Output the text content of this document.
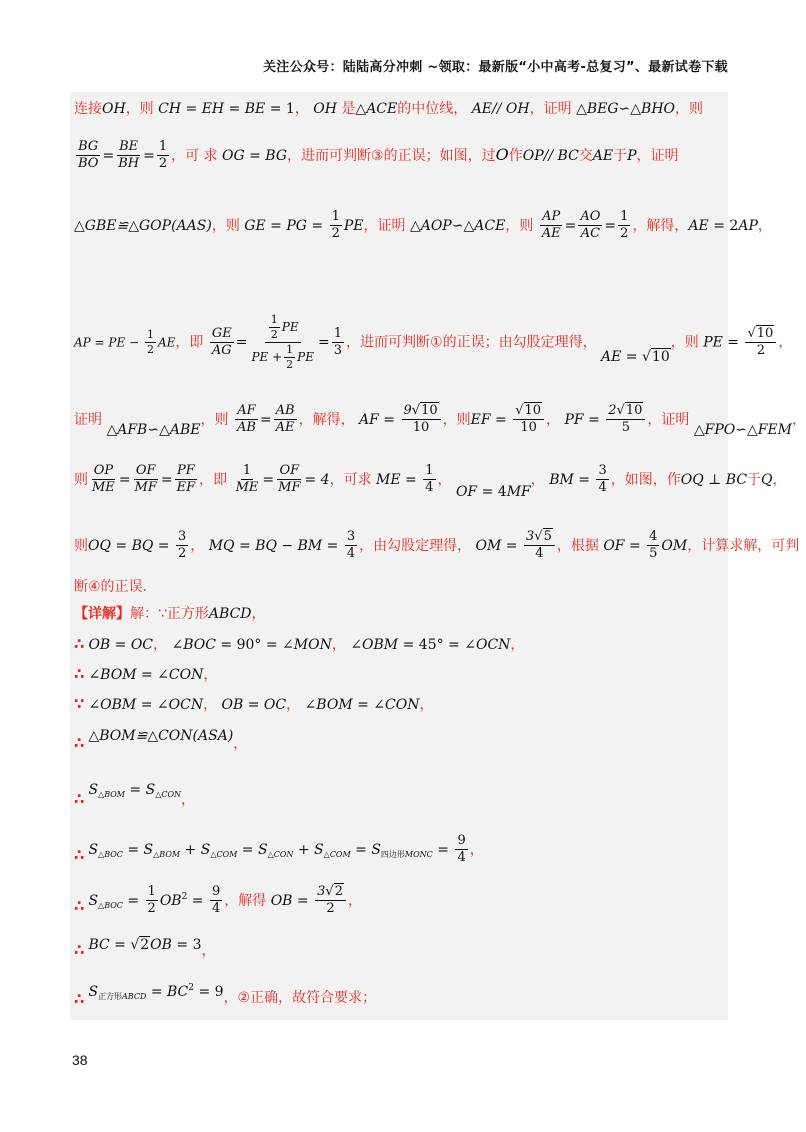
关注公众号：陆陆高分冲刺 ~领取：最新版“小中高考-总复习”、最新试卷下载
连接OH，则 CH = EH = BE = 1， OH 是△ACE的中位线， AE// OH，证明 △BEG∽△BHO，则
$\frac{BG}{BO} = \frac{BE}{BH} = \frac{1}{2}$ ，可 求 OG = BG，进而可判断③的正误；如图，过O作OP// BC交AE于P，证明
△GBE≌△GOP(AAS)，则 GE = PG = $\frac{1}{2}$ PE，证明 △AOP∽△ACE，则 $\frac{AP}{AE} = \frac{AO}{AC} = \frac{1}{2}$ ，解得，AE = 2AP，
AP = PE − $\frac{1}{2}$ AE，即 $\frac{GE}{AG} = \frac{\frac{1}{2} PE}{PE + \frac{1}{2} PE} = \frac{1}{3}$ ，进而可判断①的正误；由勾股定理得， AE = √10，则 PE = $\frac{√10}{2}$ ，
证明 △AFB∽△ABE，则 $\frac{AF}{AB} = \frac{AB}{AE}$ ，解得， AF = $\frac{9√10}{10}$ ，则EF = $\frac{√10}{10}$ ， PF = $\frac{2√10}{5}$ ，证明 △FPO∽△FEM，
则 $\frac{OP}{ME} = \frac{OF}{MF} = \frac{PF}{EF}$ ，即 $\frac{1}{ME} = \frac{OF}{MF} = 4$，可求 ME = $\frac{1}{4}$ ， OF = 4MF， BM = $\frac{3}{4}$ ，如图，作OQ ⊥ BC于Q，
则OQ = BQ = $\frac{3}{2}$ ， MQ = BQ − BM = $\frac{3}{4}$ ，由勾股定理得， OM = $\frac{3√5}{4}$ ，根据 OF = $\frac{4}{5}$ OM，计算求解，可判
断④的正误．
【详解】解：∵正方形ABCD，
∴ OB = OC， ∠BOC = 90° = ∠MON， ∠OBM = 45° = ∠OCN，
∴ ∠BOM = ∠CON，
∵ ∠OBM = ∠OCN， OB = OC， ∠BOM = ∠CON，
∴ △BOM≌△CON(ASA)，
∴ $S_{\triangle BOM} = S_{\triangle CON}$，
∴ $S_{\triangle BOC} = S_{\triangle BOM} + S_{\triangle COM} = S_{\triangle CON} + S_{\triangle COM} = S_{四边形MONC} = \frac{9}{4}$ ，
∴ $S_{\triangle BOC} = \frac{1}{2} OB^2 = \frac{9}{4}$ ，解得 OB = $\frac{3√2}{2}$ ，
∴ BC = √2OB = 3，
∴ $S_{正方形ABCD} = BC^2 = 9$，②正确，故符合要求；
38
